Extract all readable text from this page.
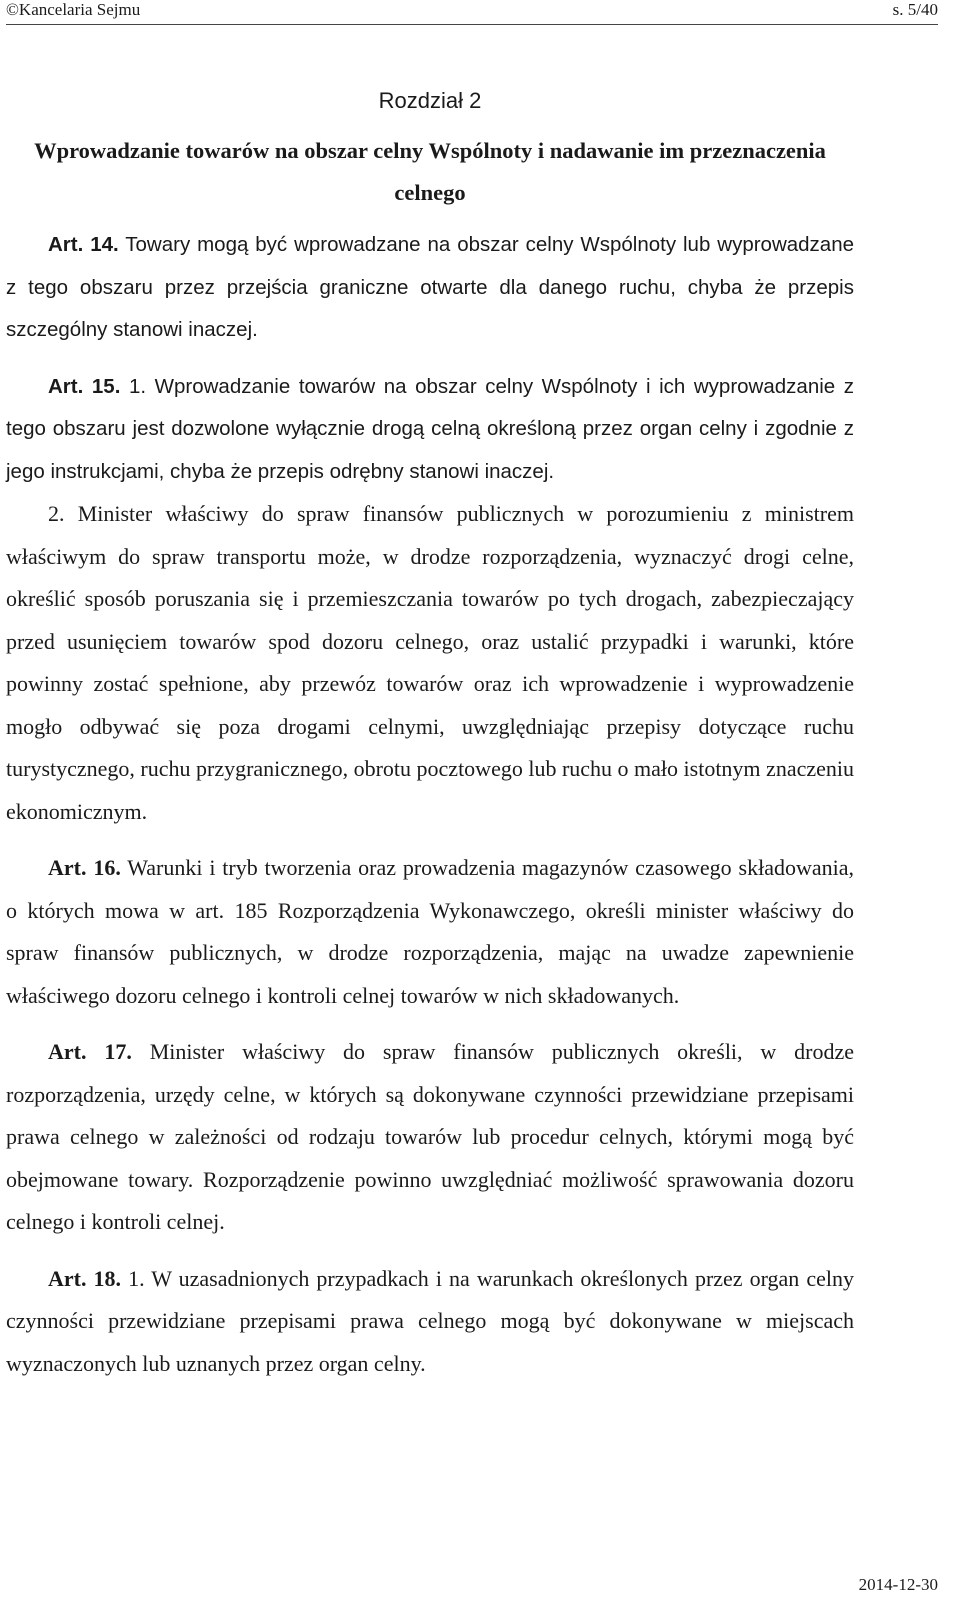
©Kancelaria Sejmu	s. 5/40
Rozdział 2
Wprowadzanie towarów na obszar celny Wspólnoty i nadawanie im przeznaczenia celnego

Art. 14. Towary mogą być wprowadzane na obszar celny Wspólnoty lub wyprowadzane z tego obszaru przez przejścia graniczne otwarte dla danego ruchu, chyba że przepis szczególny stanowi inaczej.

Art. 15. 1. Wprowadzanie towarów na obszar celny Wspólnoty i ich wyprowadzanie z tego obszaru jest dozwolone wyłącznie drogą celną określoną przez organ celny i zgodnie z jego instrukcjami, chyba że przepis odrębny stanowi inaczej.

2. Minister właściwy do spraw finansów publicznych w porozumieniu z ministrem właściwym do spraw transportu może, w drodze rozporządzenia, wyznaczyć drogi celne, określić sposób poruszania się i przemieszczania towarów po tych drogach, zabezpieczający przed usunięciem towarów spod dozoru celnego, oraz ustalić przypadki i warunki, które powinny zostać spełnione, aby przewóz towarów oraz ich wprowadzenie i wyprowadzenie mogło odbywać się poza drogami celnymi, uwzględniając przepisy dotyczące ruchu turystycznego, ruchu przygranicznego, obrotu pocztowego lub ruchu o mało istotnym znaczeniu ekonomicznym.

Art. 16. Warunki i tryb tworzenia oraz prowadzenia magazynów czasowego składowania, o których mowa w art. 185 Rozporządzenia Wykonawczego, określi minister właściwy do spraw finansów publicznych, w drodze rozporządzenia, mając na uwadze zapewnienie właściwego dozoru celnego i kontroli celnej towarów w nich składowanych.

Art. 17. Minister właściwy do spraw finansów publicznych określi, w drodze rozporządzenia, urzędy celne, w których są dokonywane czynności przewidziane przepisami prawa celnego w zależności od rodzaju towarów lub procedur celnych, którymi mogą być obejmowane towary. Rozporządzenie powinno uwzględniać możliwość sprawowania dozoru celnego i kontroli celnej.

Art. 18. 1. W uzasadnionych przypadkach i na warunkach określonych przez organ celny czynności przewidziane przepisami prawa celnego mogą być dokonywane w miejscach wyznaczonych lub uznanych przez organ celny.

2014-12-30
